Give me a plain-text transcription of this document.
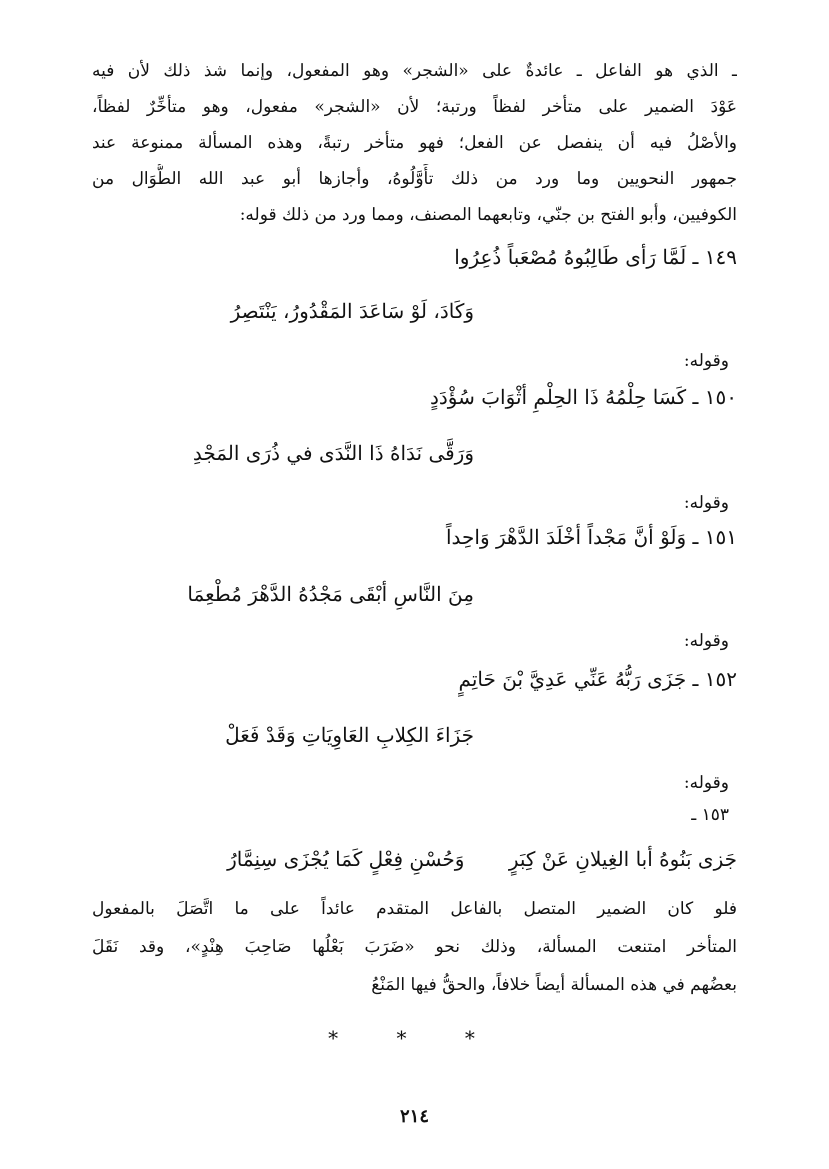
ـ الذي هو الفاعل ـ عائدةٌ على «الشجر» وهو المفعول، وإنما شذ ذلك لأن فيه
عَوْدَ الضمير على متأخر لفظاً ورتبة؛ لأن «الشجر» مفعول، وهو متأخِّرٌ لفظاً،
والأصْلُ فيه أن ينفصل عن الفعل؛ فهو متأخر رتبةً، وهذه المسألة ممنوعة عند
جمهور النحويين وما ورد من ذلك تأَوَّلُوهُ، وأجازها أبو عبد الله الطُّوَال من
الكوفيين، وأبو الفتح بن جنّي، وتابعهما المصنف، ومما ورد من ذلك قوله:
١٤٩ ـ لَمَّا رَأى طَالِبُوهُ مُصْعَباً ذُعِرُوا
وَكَادَ، لَوْ سَاعَدَ المَقْدُورُ، يَنْتَصِرُ
وقوله:
١٥٠ ـ كَسَا حِلْمُهُ ذَا الحِلْمِ أثْوَابَ سُؤْدَدٍ
وَرَقَّى نَدَاهُ ذَا النَّدَى في ذُرَى المَجْدِ
وقوله:
١٥١ ـ وَلَوْ أنَّ مَجْداً أخْلَدَ الدَّهْرَ وَاحِداً
مِنَ النَّاسِ أبْقَى مَجْدُهُ الدَّهْرَ مُطْعِمَا
وقوله:
١٥٢ ـ جَزَى رَبُّهُ عَنِّي عَدِيَّ بْنَ حَاتِمٍ
جَزَاءَ الكِلابِ العَاوِيَاتِ وَقَدْ فَعَلْ
وقوله:
١٥٣ ـ
جَزى بَنُوهُ أبا الغِيلانِ عَنْ كِبَرٍ وَحُسْنِ فِعْلٍ كَمَا يُجْزَى سِنِمَّارُ
فلو كان الضمير المتصل بالفاعل المتقدم عائداً على ما اتَّصَلَ بالمفعول
المتأخر امتنعت المسألة، وذلك نحو «ضَرَبَ بَعْلُها صَاحِبَ هِنْدٍ»، وقد نَقَلَ
بعضُهم في هذه المسألة أيضاً خلافاً، والحقُّ فيها المَنْعُ
* * *
٢١٤
